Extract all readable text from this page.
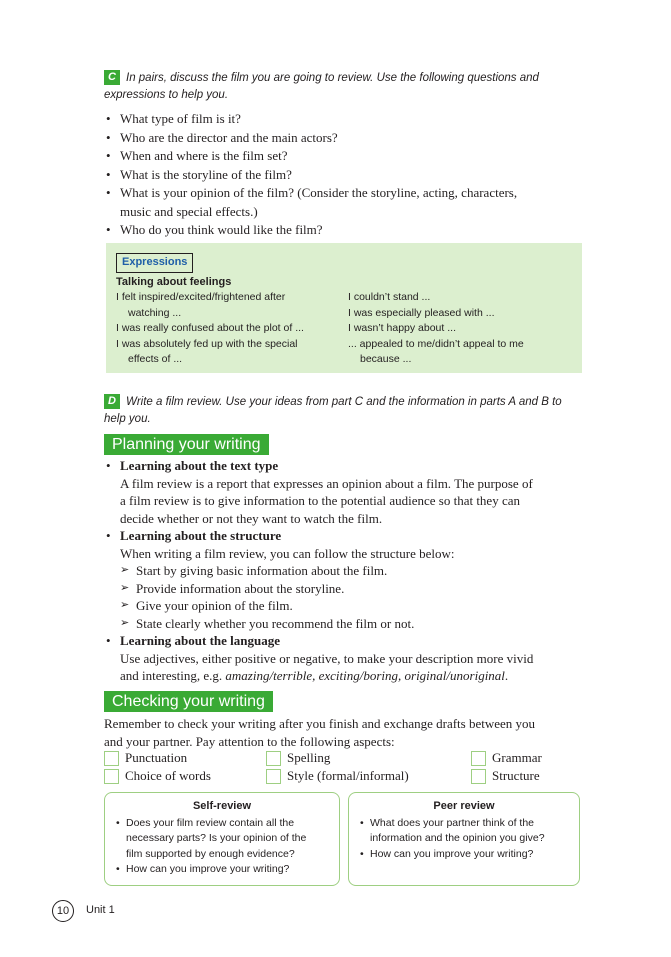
C In pairs, discuss the film you are going to review. Use the following questions and
expressions to help you.
• What type of film is it?
• Who are the director and the main actors?
• When and where is the film set?
• What is the storyline of the film?
• What is your opinion of the film? (Consider the storyline, acting, characters,
music and special effects.)
• Who do you think would like the film?
Expressions
Talking about feelings
I felt inspired/excited/frightened after
watching ...
I was really confused about the plot of ...
I was absolutely fed up with the special
effects of ...
I couldn’t stand ...
I was especially pleased with ...
I wasn’t happy about ...
... appealed to me/didn’t appeal to me
because ...
D Write a film review. Use your ideas from part C and the information in parts A and B to
help you.
Planning your writing
• Learning about the text type
A film review is a report that expresses an opinion about a film. The purpose of
a film review is to give information to the potential audience so that they can
decide whether or not they want to watch the film.
• Learning about the structure
When writing a film review, you can follow the structure below:
➢ Start by giving basic information about the film.
➢ Provide information about the storyline.
➢ Give your opinion of the film.
➢ State clearly whether you recommend the film or not.
• Learning about the language
Use adjectives, either positive or negative, to make your description more vivid
and interesting, e.g. amazing/terrible, exciting/boring, original/unoriginal.
Checking your writing
Remember to check your writing after you finish and exchange drafts between you
and your partner. Pay attention to the following aspects:
Punctuation	Spelling	Grammar
Choice of words	Style (formal/informal)	Structure
Self-review
• Does your film review contain all the
necessary parts? Is your opinion of the
film supported by enough evidence?
• How can you improve your writing?
Peer review
• What does your partner think of the
information and the opinion you give?
• How can you improve your writing?
10	Unit 1
